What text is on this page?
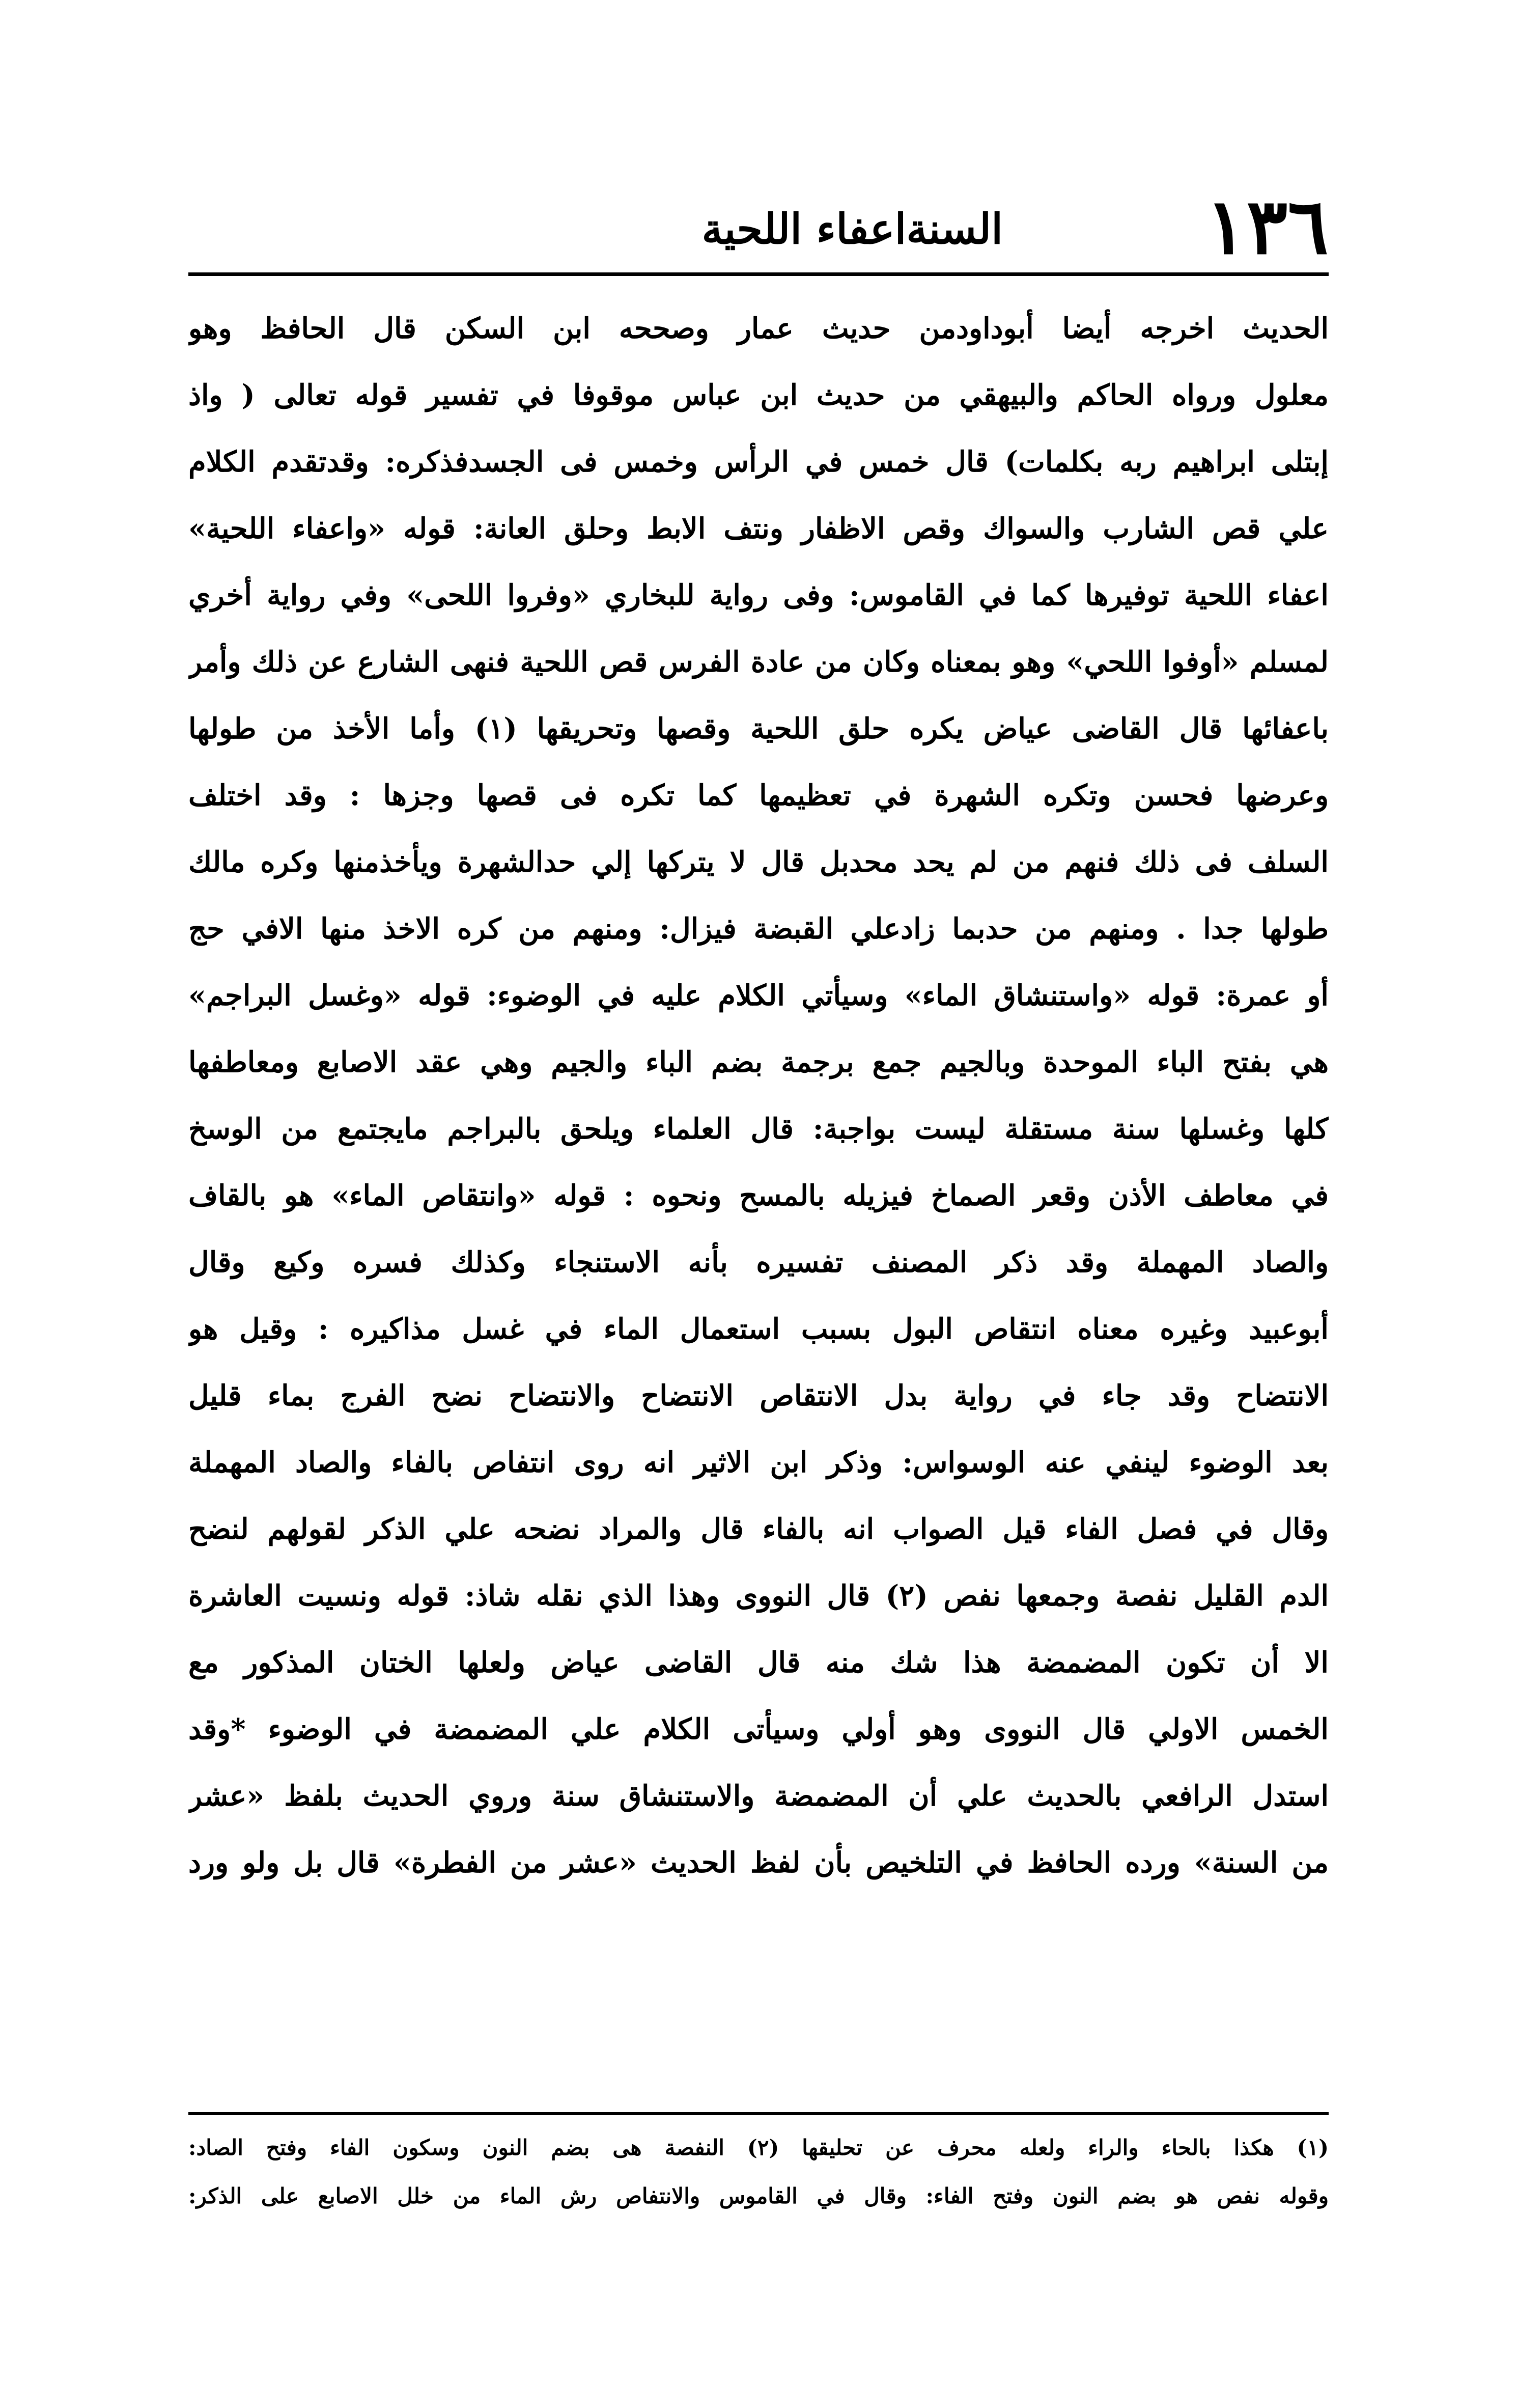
١٣٦
السنةاعفاء اللحية
الحديث اخرجه أيضا أبوداودمن حديث عمار وصححه ابن السكن قال الحافظ وهو
معلول ورواه الحاكم والبيهقي من حديث ابن عباس موقوفا في تفسير قوله تعالى ( واذ
إبتلى ابراهيم ربه بكلمات) قال خمس في الرأس وخمس فى الجسدفذكره: وقدتقدم الكلام
علي قص الشارب والسواك وقص الاظفار ونتف الابط وحلق العانة: قوله «واعفاء اللحية»
اعفاء اللحية توفيرها كما في القاموس: وفى رواية للبخاري «وفروا اللحى» وفي رواية أخري
لمسلم «أوفوا اللحي» وهو بمعناه وكان من عادة الفرس قص اللحية فنهى الشارع عن ذلك وأمر
باعفائها قال القاضى عياض يكره حلق اللحية وقصها وتحريقها (١) وأما الأخذ من طولها
وعرضها فحسن وتكره الشهرة في تعظيمها كما تكره فى قصها وجزها : وقد اختلف
السلف فى ذلك فنهم من لم يحد محدبل قال لا يتركها إلي حدالشهرة ويأخذمنها وكره مالك
طولها جدا . ومنهم من حدبما زادعلي القبضة فيزال: ومنهم من كره الاخذ منها الافي حج
أو عمرة: قوله «واستنشاق الماء» وسيأتي الكلام عليه في الوضوء: قوله «وغسل البراجم»
هي بفتح الباء الموحدة وبالجيم جمع برجمة بضم الباء والجيم وهي عقد الاصابع ومعاطفها
كلها وغسلها سنة مستقلة ليست بواجبة: قال العلماء ويلحق بالبراجم مايجتمع من الوسخ
في معاطف الأذن وقعر الصماخ فيزيله بالمسح ونحوه : قوله «وانتقاص الماء» هو بالقاف
والصاد المهملة وقد ذكر المصنف تفسيره بأنه الاستنجاء وكذلك فسره وكيع وقال
أبوعبيد وغيره معناه انتقاص البول بسبب استعمال الماء في غسل مذاكيره : وقيل هو
الانتضاح وقد جاء في رواية بدل الانتقاص الانتضاح والانتضاح نضح الفرج بماء قليل
بعد الوضوء لينفي عنه الوسواس: وذكر ابن الاثير انه روى انتفاص بالفاء والصاد المهملة
وقال في فصل الفاء قيل الصواب انه بالفاء قال والمراد نضحه علي الذكر لقولهم لنضح
الدم القليل نفصة وجمعها نفص (٢) قال النووى وهذا الذي نقله شاذ: قوله ونسيت العاشرة
الا أن تكون المضمضة هذا شك منه قال القاضى عياض ولعلها الختان المذكور مع
الخمس الاولي قال النووى وهو أولي وسيأتى الكلام علي المضمضة في الوضوء *وقد
استدل الرافعي بالحديث علي أن المضمضة والاستنشاق سنة وروي الحديث بلفظ «عشر
من السنة» ورده الحافظ في التلخيص بأن لفظ الحديث «عشر من الفطرة» قال بل ولو ورد
(١) هكذا بالحاء والراء ولعله محرف عن تحليقها (٢) النفصة هى بضم النون وسكون الفاء وفتح الصاد:
وقوله نفص هو بضم النون وفتح الفاء: وقال في القاموس والانتفاص رش الماء من خلل الاصابع على الذكر:
